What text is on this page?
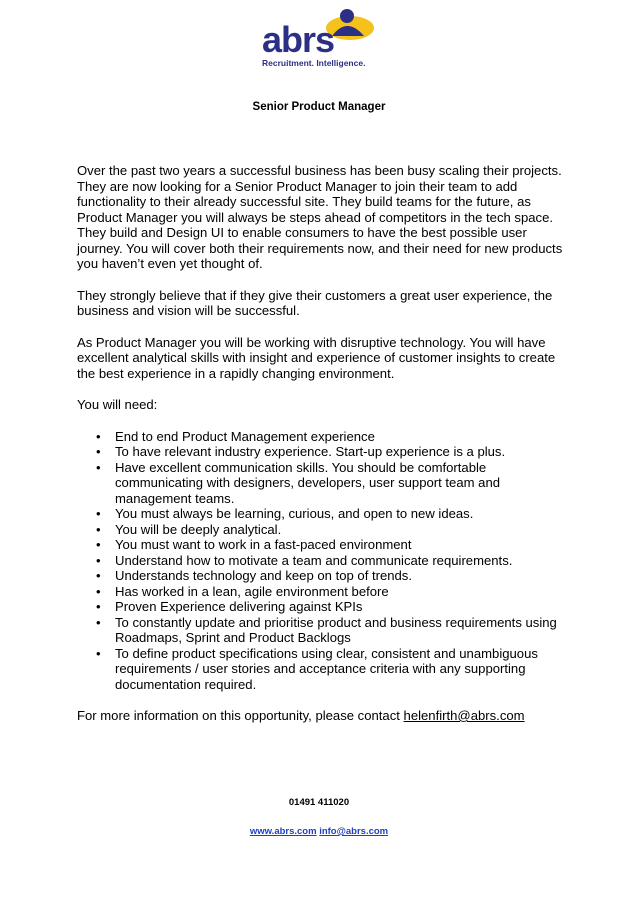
abrs
Recruitment. Intelligence.
Senior Product Manager

Over the past two years a successful business has been busy scaling their projects. They are now looking for a Senior Product Manager to join their team to add functionality to their already successful site. They build teams for the future, as Product Manager you will always be steps ahead of competitors in the tech space. They build and Design UI to enable consumers to have the best possible user journey. You will cover both their requirements now, and their need for new products you haven’t even yet thought of.

They strongly believe that if they give their customers a great user experience, the business and vision will be successful.

As Product Manager you will be working with disruptive technology. You will have excellent analytical skills with insight and experience of customer insights to create the best experience in a rapidly changing environment.

You will need:

• End to end Product Management experience
• To have relevant industry experience. Start-up experience is a plus.
• Have excellent communication skills. You should be comfortable communicating with designers, developers, user support team and management teams.
• You must always be learning, curious, and open to new ideas.
• You will be deeply analytical.
• You must want to work in a fast-paced environment
• Understand how to motivate a team and communicate requirements.
• Understands technology and keep on top of trends.
• Has worked in a lean, agile environment before
• Proven Experience delivering against KPIs
• To constantly update and prioritise product and business requirements using Roadmaps, Sprint and Product Backlogs
• To define product specifications using clear, consistent and unambiguous requirements / user stories and acceptance criteria with any supporting documentation required.

For more information on this opportunity, please contact helenfirth@abrs.com

01491 411020
www.abrs.com info@abrs.com
